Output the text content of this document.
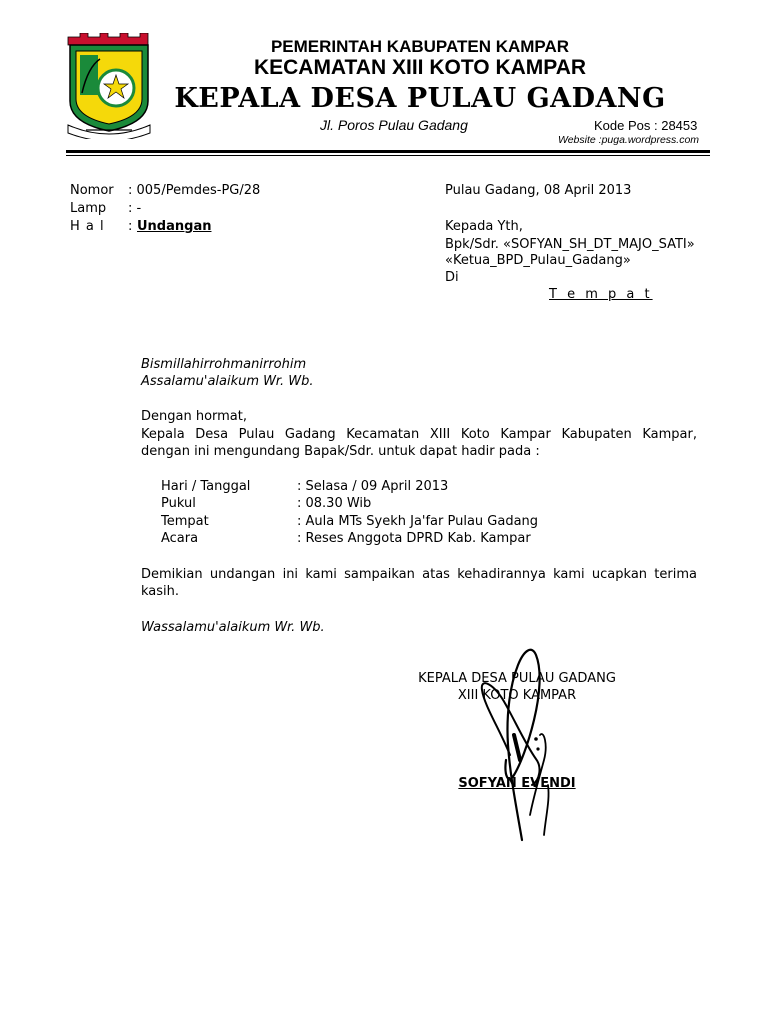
PEMERINTAH KABUPATEN KAMPAR
KECAMATAN XIII KOTO KAMPAR
KEPALA DESA PULAU GADANG
Jl. Poros Pulau Gadang	Kode Pos : 28453
Website :puga.wordpress.com
Nomor : 005/Pemdes-PG/28
Lamp : -
H a l : Undangan
Pulau Gadang, 08 April 2013
Kepada Yth,
Bpk/Sdr. «SOFYAN_SH_DT_MAJO_SATI»
«Ketua_BPD_Pulau_Gadang»
Di
T e m p a t
Bismillahirrohmanirrohim
Assalamu'alaikum Wr. Wb.
Dengan hormat,
Kepala Desa Pulau Gadang Kecamatan XIII Koto Kampar Kabupaten Kampar,
dengan ini mengundang Bapak/Sdr. untuk dapat hadir pada :
Hari / Tanggal	: Selasa / 09 April 2013
Pukul	: 08.30 Wib
Tempat	: Aula MTs Syekh Ja'far Pulau Gadang
Acara	: Reses Anggota DPRD Kab. Kampar
Demikian undangan ini kami sampaikan atas kehadirannya kami ucapkan terima
kasih.
Wassalamu'alaikum Wr. Wb.
KEPALA DESA PULAU GADANG
XIII KOTO KAMPAR
SOFYAN EVENDI
